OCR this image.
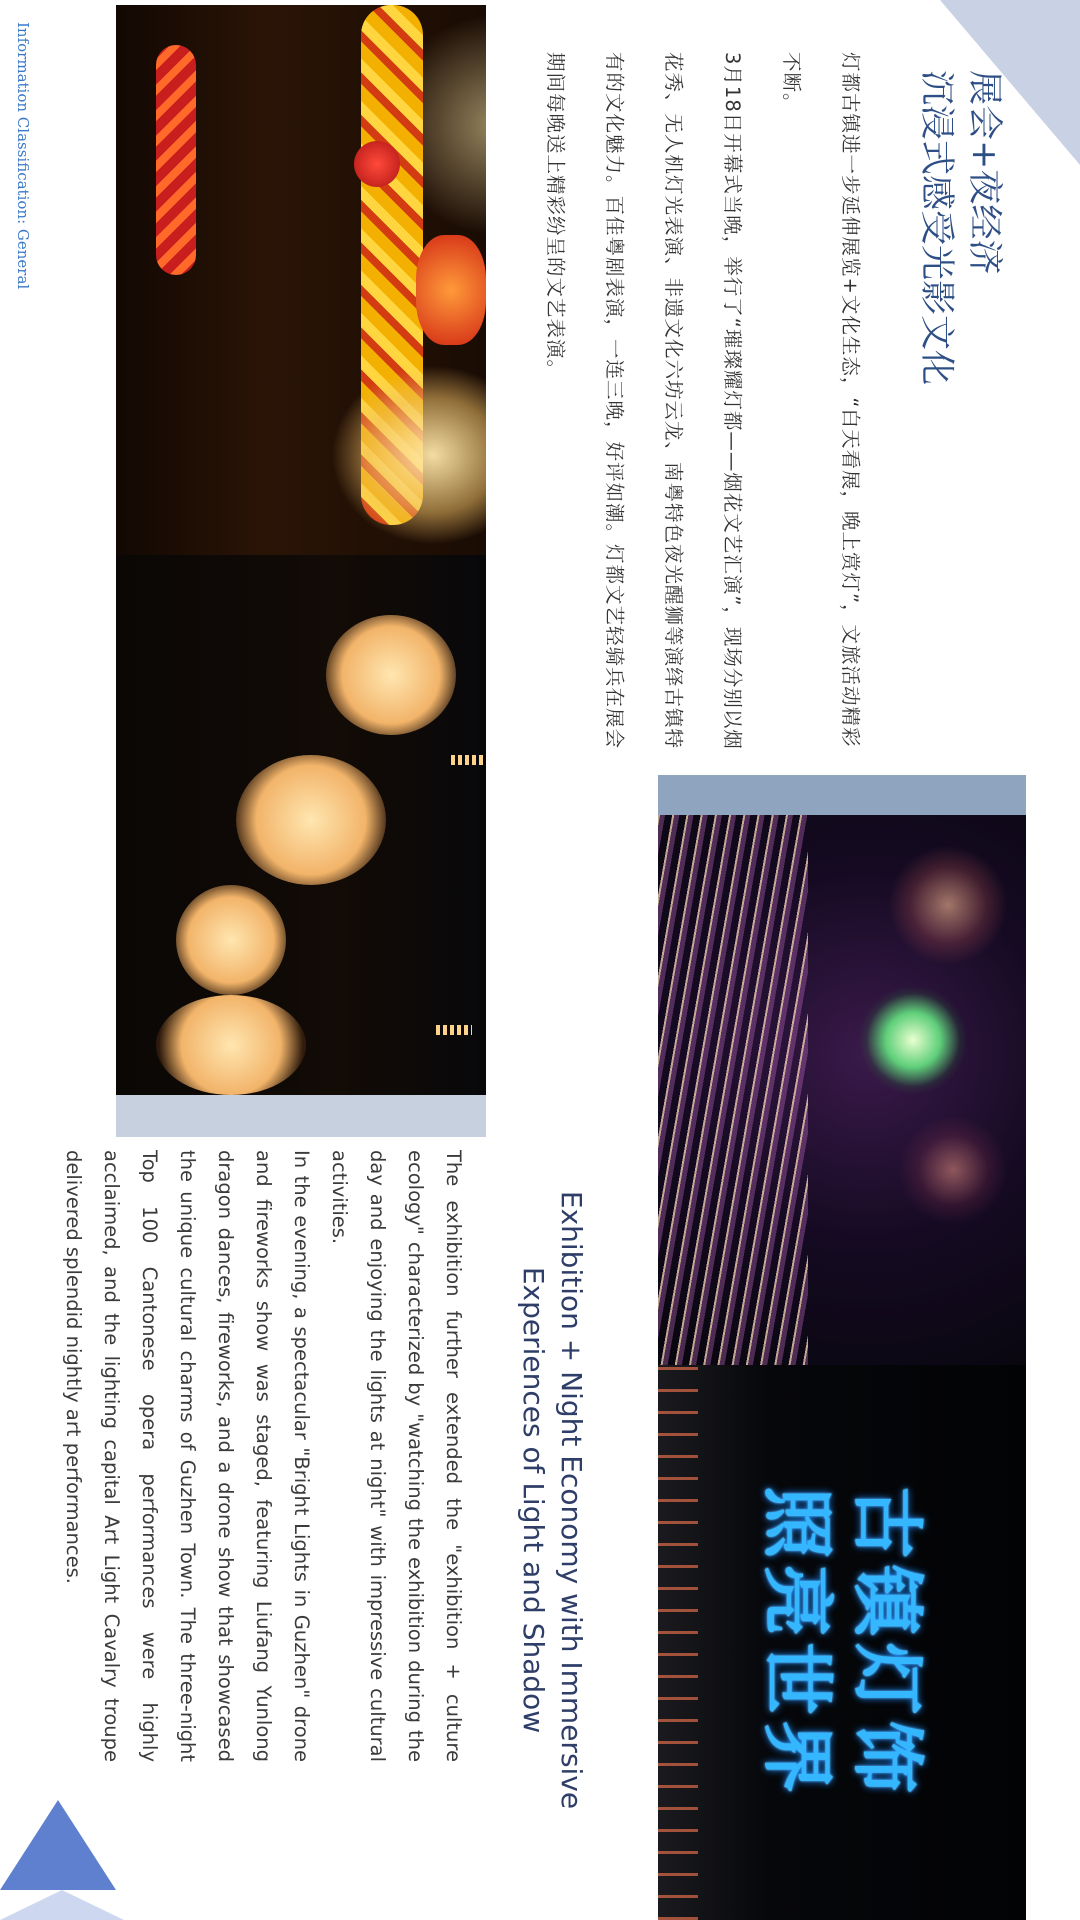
Information Classification: General	展会+夜经济
沉浸式感受光影文化

灯都古镇进一步延伸展览+文化生态，“白天看展，晚上赏灯”，文旅活动精彩不断。

3月18日开幕式当晚，举行了“璀璨耀灯都——烟花文艺汇演”，现场分别以烟花秀、无人机灯光表演、非遗文化六坊云龙、南粤特色夜光醒狮等演绎古镇特有的文化魅力。百佳粤剧表演，一连三晚，好评如潮。灯都文艺轻骑兵在展会期间每晚送上精彩纷呈的文艺表演。

古镇灯饰
照亮世界
Exhibition + Night Economy with Immersive Experiences of Light and Shadow

The exhibition further extended the "exhibition + culture ecology" characterized by "watching the exhibition during the day and enjoying the lights at night" with impressive cultural activities.

In the evening, a spectacular "Bright Lights in Guzhen" drone and fireworks show was staged, featuring Liufang Yunlong dragon dances, fireworks, and a drone show that showcased the unique cultural charms of Guzhen Town. The three-night Top 100 Cantonese opera performances were highly acclaimed, and the lighting capital Art Light Cavalry troupe delivered splendid nightly art performances.
